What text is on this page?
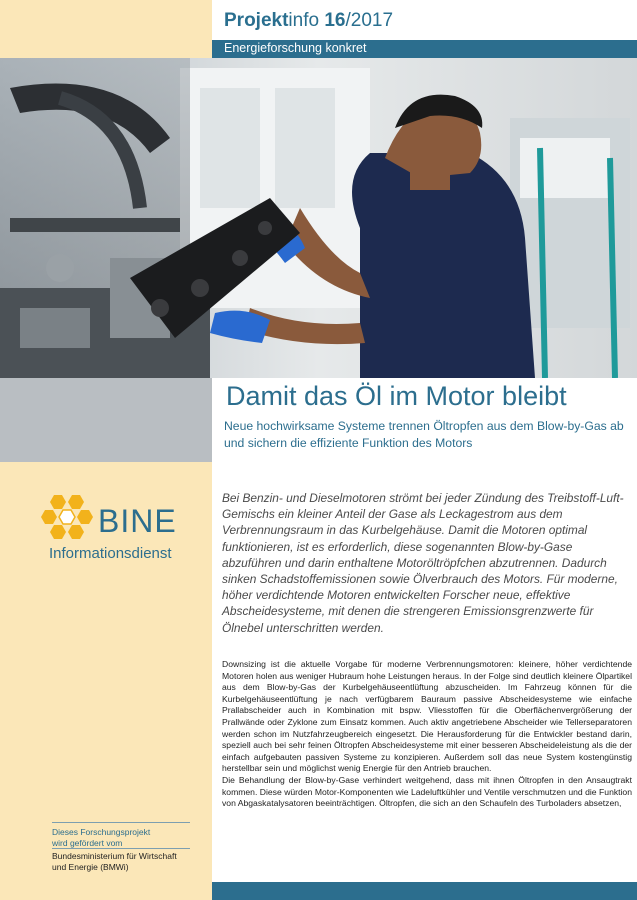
Projektinfo 16/2017
Energieforschung konkret
Damit das Öl im Motor bleibt

Neue hochwirksame Systeme trennen Öltropfen aus dem Blow-by-Gas ab und sichern die effiziente Funktion des Motors

BINE
Informationsdienst

Bei Benzin- und Dieselmotoren strömt bei jeder Zündung des Treibstoff-Luft-Gemischs ein kleiner Anteil der Gase als Leckagestrom aus dem Verbrennungsraum in das Kurbelgehäuse. Damit die Motoren optimal funktionieren, ist es erforderlich, diese sogenannten Blow-by-Gase abzuführen und darin enthaltene Motoröltröpfchen abzutrennen. Dadurch sinken Schadstoffemissionen sowie Ölverbrauch des Motors. Für moderne, höher verdichtende Motoren entwickelten Forscher neue, effektive Abscheidesysteme, mit denen die strengeren Emissionsgrenzwerte für Ölnebel unterschritten werden.

Downsizing ist die aktuelle Vorgabe für moderne Verbrennungsmotoren: kleinere, höher verdichtende Motoren holen aus weniger Hubraum hohe Leistungen heraus. In der Folge sind deutlich kleinere Ölpartikel aus dem Blow-by-Gas der Kurbelgehäuseentlüftung abzuscheiden. Im Fahrzeug können für die Kurbelgehäuseentlüftung je nach verfügbarem Bauraum passive Abscheidesysteme wie einfache Prallabscheider auch in Kombination mit bspw. Vliesstoffen für die Oberflächenvergrößerung der Prallwände oder Zyklone zum Einsatz kommen. Auch aktiv angetriebene Abscheider wie Tellerseparatoren werden schon im Nutzfahrzeugbereich eingesetzt. Die Herausforderung für die Entwickler bestand darin, speziell auch bei sehr feinen Öltropfen Abscheidesysteme mit einer besseren Abscheideleistung als die der einfach aufgebauten passiven Systeme zu konzipieren. Außerdem soll das neue System kostengünstig herstellbar sein und möglichst wenig Energie für den Antrieb brauchen.

Die Behandlung der Blow-by-Gase verhindert weitgehend, dass mit ihnen Öltropfen in den Ansaugtrakt kommen. Diese würden Motor-Komponenten wie Ladeluftkühler und Ventile verschmutzen und die Funktion von Abgaskatalysatoren beeinträchtigen. Öltropfen, die sich an den Schaufeln des Turboladers absetzen,

Dieses Forschungsprojekt
wird gefördert vom
Bundesministerium für Wirtschaft
und Energie (BMWi)
